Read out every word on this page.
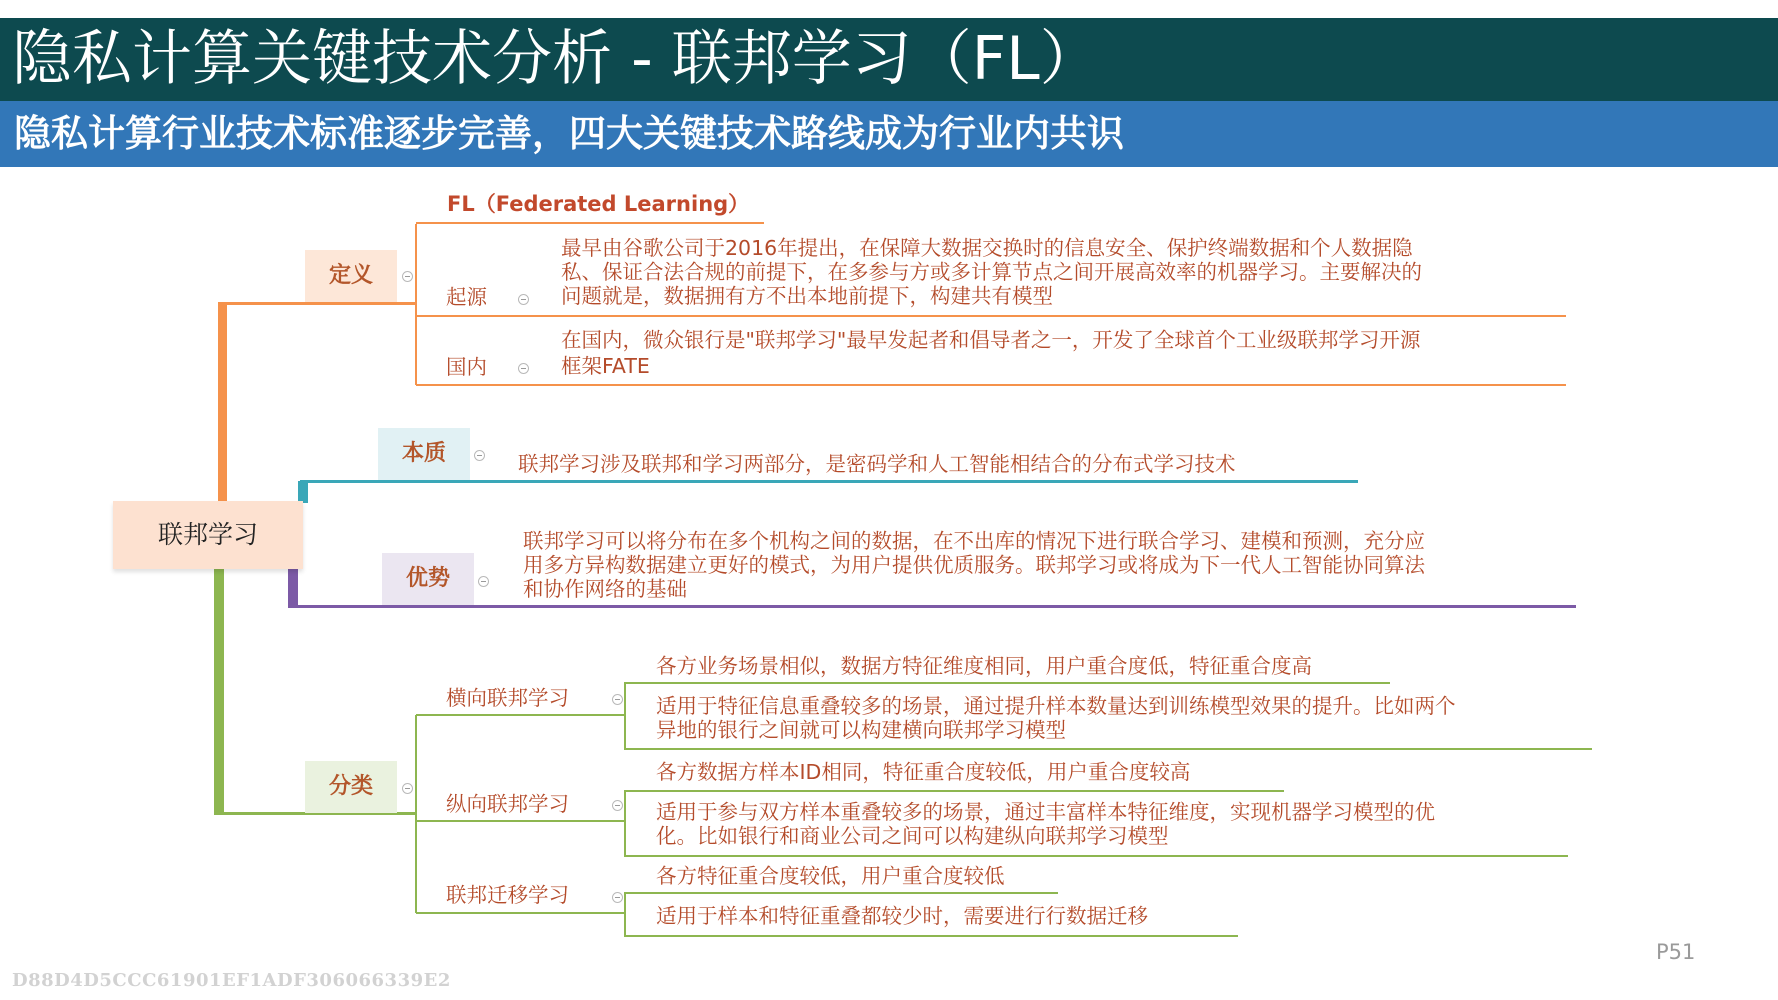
隐私计算关键技术分析 - 联邦学习（FL）
隐私计算行业技术标准逐步完善，四大关键技术路线成为行业内共识
联邦学习
定义
FL（Federated Learning）
起源
最早由谷歌公司于2016年提出，在保障大数据交换时的信息安全、保护终端数据和个人数据隐
私、保证合法合规的前提下，在多参与方或多计算节点之间开展高效率的机器学习。主要解决的
问题就是，数据拥有方不出本地前提下，构建共有模型
国内
在国内，微众银行是"联邦学习"最早发起者和倡导者之一，开发了全球首个工业级联邦学习开源
框架FATE
本质	联邦学习涉及联邦和学习两部分，是密码学和人工智能相结合的分布式学习技术
优势
联邦学习可以将分布在多个机构之间的数据，在不出库的情况下进行联合学习、建模和预测，充分应
用多方异构数据建立更好的模式，为用户提供优质服务。联邦学习或将成为下一代人工智能协同算法
和协作网络的基础
分类
横向联邦学习
各方业务场景相似，数据方特征维度相同，用户重合度低，特征重合度高
适用于特征信息重叠较多的场景，通过提升样本数量达到训练模型效果的提升。比如两个
异地的银行之间就可以构建横向联邦学习模型
纵向联邦学习
各方数据方样本ID相同，特征重合度较低，用户重合度较高
适用于参与双方样本重叠较多的场景，通过丰富样本特征维度，实现机器学习模型的优
化。比如银行和商业公司之间可以构建纵向联邦学习模型
联邦迁移学习
各方特征重合度较低，用户重合度较低
适用于样本和特征重叠都较少时，需要进行行数据迁移
P51
D88D4D5CCC61901EF1ADF306066339E2
